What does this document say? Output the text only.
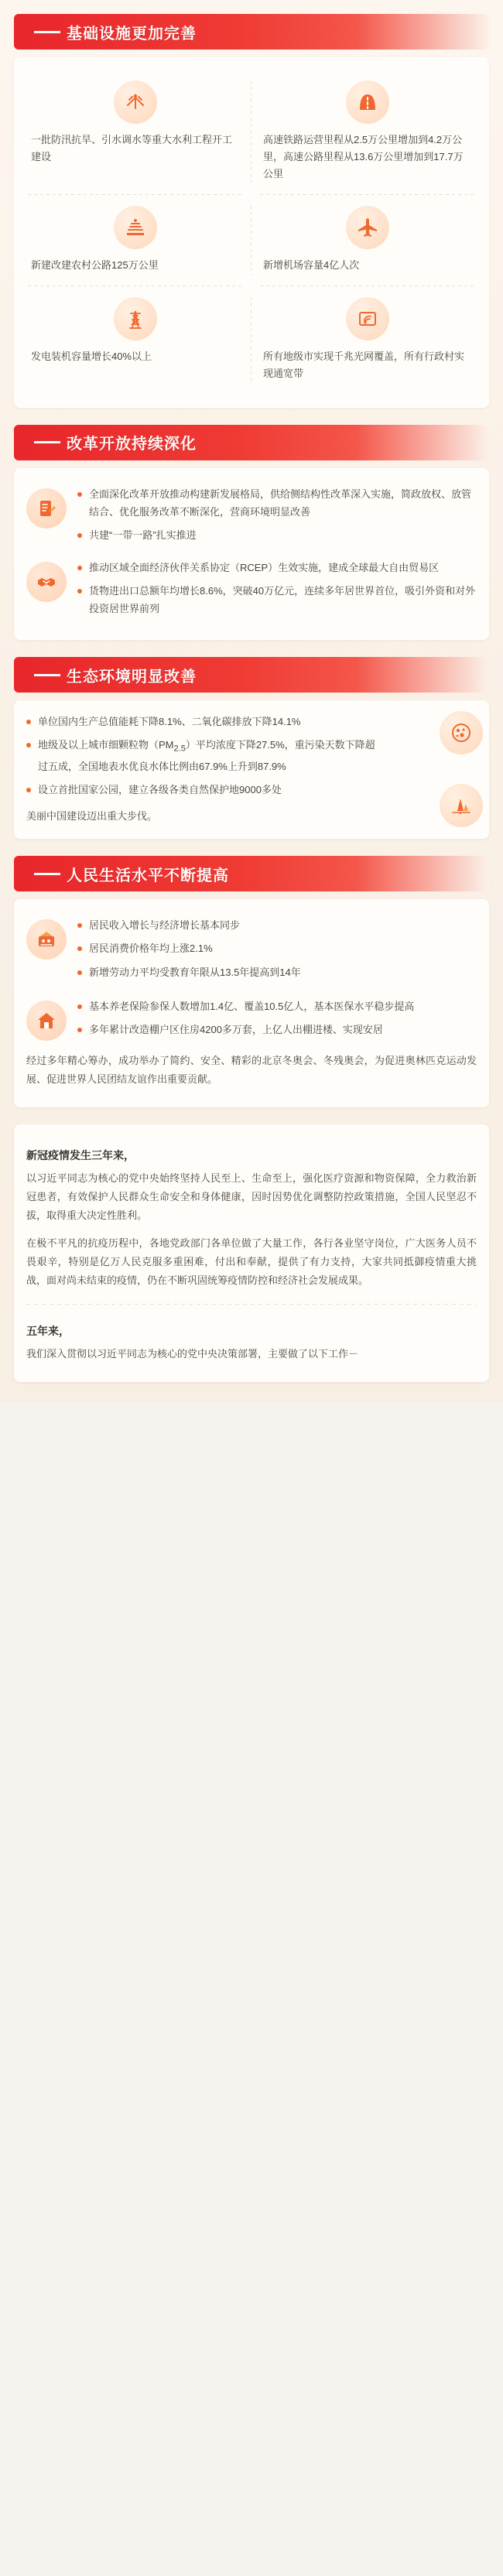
基础设施更加完善

一批防汛抗旱、引水调水等重大水利工程开工建设

高速铁路运营里程从2.5万公里增加到4.2万公里，高速公路里程从13.6万公里增加到17.7万公里

新建改建农村公路125万公里	新增机场容量4亿人次

发电装机容量增长40%以上	所有地级市实现千兆光网覆盖，所有行政村实现通宽带

改革开放持续深化
全面深化改革开放推动构建新发展格局，供给侧结构性改革深入实施，简政放权、放管结合、优化服务改革不断深化，营商环境明显改善
共建“一带一路”扎实推进
推动区域全面经济伙伴关系协定（RCEP）生效实施，建成全球最大自由贸易区
货物进出口总额年均增长8.6%，突破40万亿元，连续多年居世界首位，吸引外资和对外投资居世界前列
生态环境明显改善
单位国内生产总值能耗下降8.1%、二氧化碳排放下降14.1%
地级及以上城市细颗粒物$(PM_{2.5})$平均浓度下降27.5%，重污染天数下降超过五成，全国地表水优良水体比例由67.9%上升到87.9%
设立首批国家公园，建立各级各类自然保护地9000多处

美丽中国建设迈出重大步伐。

人民生活水平不断提高
居民收入增长与经济增长基本同步
居民消费价格年均上涨2.1%
新增劳动力平均受教育年限从13.5年提高到14年
基本养老保险参保人数增加1.4亿、覆盖10.5亿人，基本医保水平稳步提高
多年累计改造棚户区住房4200多万套，上亿人出棚进楼、实现安居

经过多年精心筹办，成功举办了简约、安全、精彩的北京冬奥会、冬残奥会，为促进奥林匹克运动发展、促进世界人民团结友谊作出重要贡献。

新冠疫情发生三年来，

以习近平同志为核心的党中央始终坚持人民至上、生命至上，强化医疗资源和物资保障，全力救治新冠患者，有效保护人民群众生命安全和身体健康，因时因势优化调整防控政策措施，全国人民坚忍不拔，取得重大决定性胜利。

在极不平凡的抗疫历程中，各地党政部门各单位做了大量工作，各行各业坚守岗位，广大医务人员不畏艰辛，特别是亿万人民克服多重困难，付出和奉献，提供了有力支持，大家共同抵御疫情重大挑战，面对尚未结束的疫情，仍在不断巩固统筹疫情防控和经济社会发展成果。

五年来，

我们深入贯彻以习近平同志为核心的党中央决策部署，主要做了以下工作－
